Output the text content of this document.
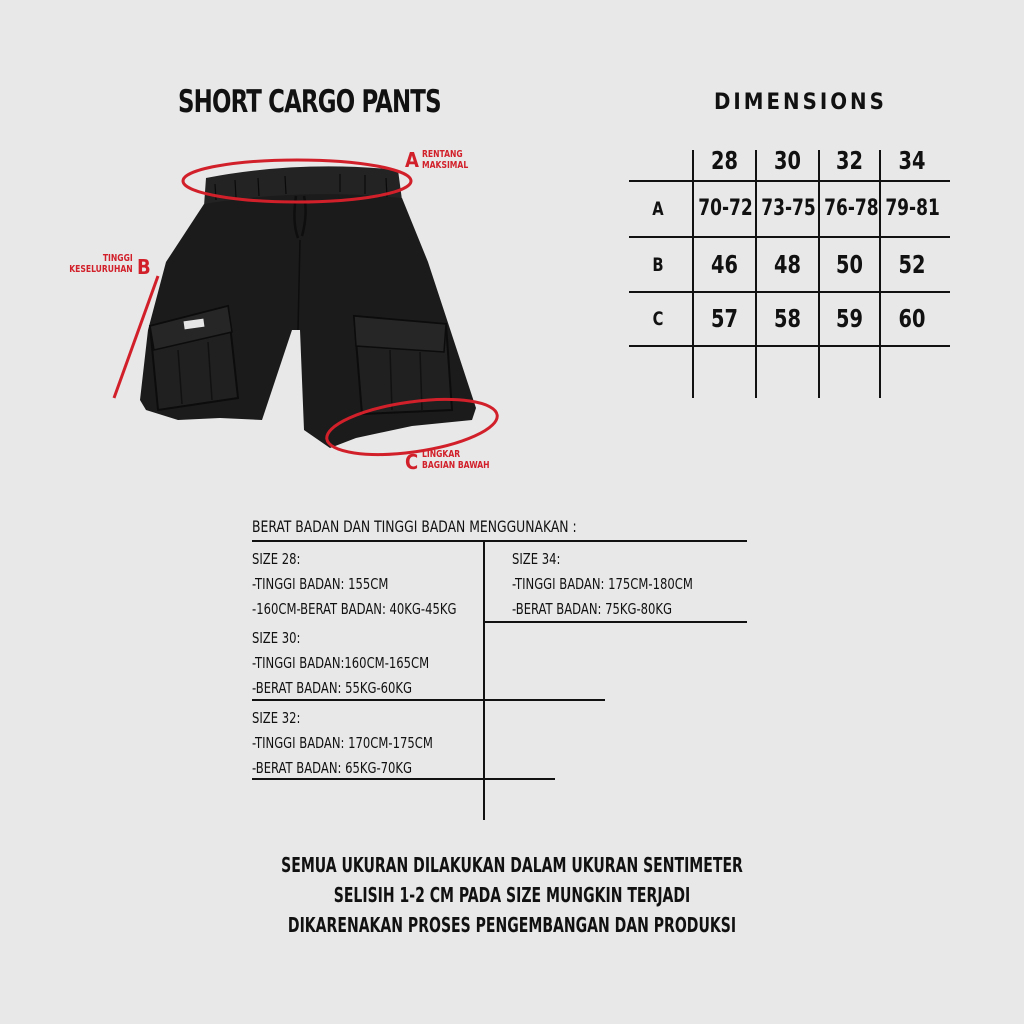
SHORT CARGO PANTS	DIMENSIONS
A RENTANG
MAKSIMAL
B
TINGGI
KESELURUHAN
C LINGKAR
BAGIAN BAWAH
28	30	32	34
A	70-72 73-75 76-78 79-81
B	46	48	50	52
C	57	58	59	60
BERAT BADAN DAN TINGGI BADAN MENGGUNAKAN :
SIZE 28:
-TINGGI BADAN: 155CM
-160CM-BERAT BADAN: 40KG-45KG
SIZE 34:
-TINGGI BADAN: 175CM-180CM
-BERAT BADAN: 75KG-80KG
SIZE 30:
-TINGGI BADAN:160CM-165CM
-BERAT BADAN: 55KG-60KG
SIZE 32:
-TINGGI BADAN: 170CM-175CM
-BERAT BADAN: 65KG-70KG
SEMUA UKURAN DILAKUKAN DALAM UKURAN SENTIMETER
SELISIH 1-2 CM PADA SIZE MUNGKIN TERJADI
DIKARENAKAN PROSES PENGEMBANGAN DAN PRODUKSI
